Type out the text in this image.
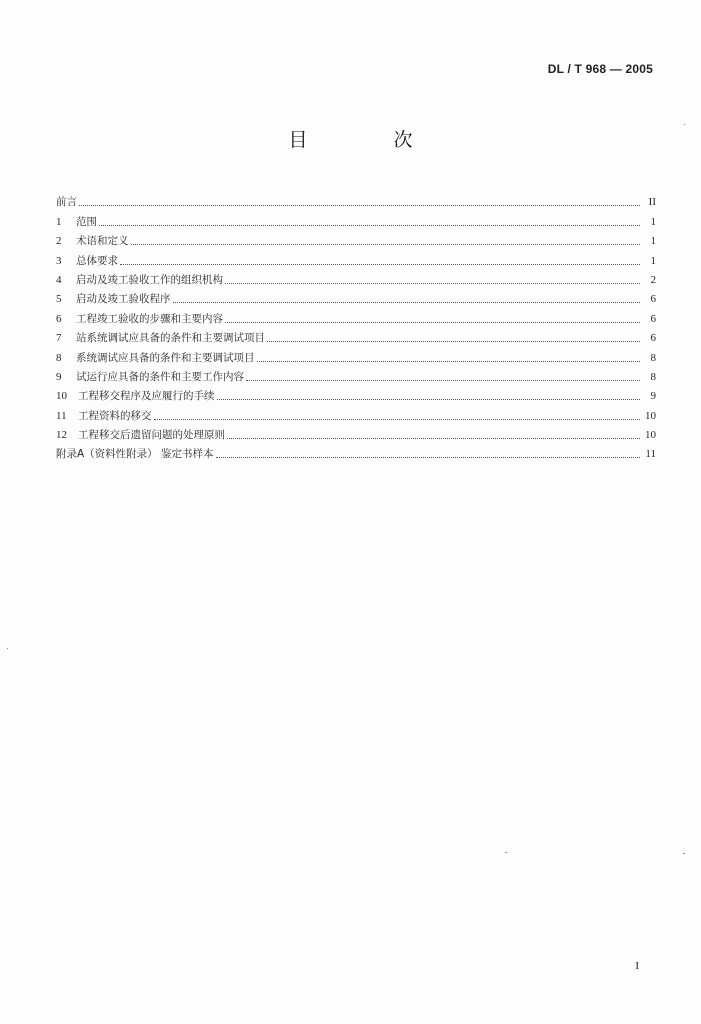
DL / T 968 — 2005
目 次
前言	II
1	范围	1
2	术语和定义	1
3	总体要求	1
4	启动及竣工验收工作的组织机构	2
5	启动及竣工验收程序	6
6	工程竣工验收的步骤和主要内容	6
7	站系统调试应具备的条件和主要调试项目	6
8	系统调试应具备的条件和主要调试项目	8
9	试运行应具备的条件和主要工作内容	8
10	工程移交程序及应履行的手续	9
11	工程资料的移交	10
12	工程移交后遗留问题的处理原则	10
附录A（资料性附录） 鉴定书样本	11
I
